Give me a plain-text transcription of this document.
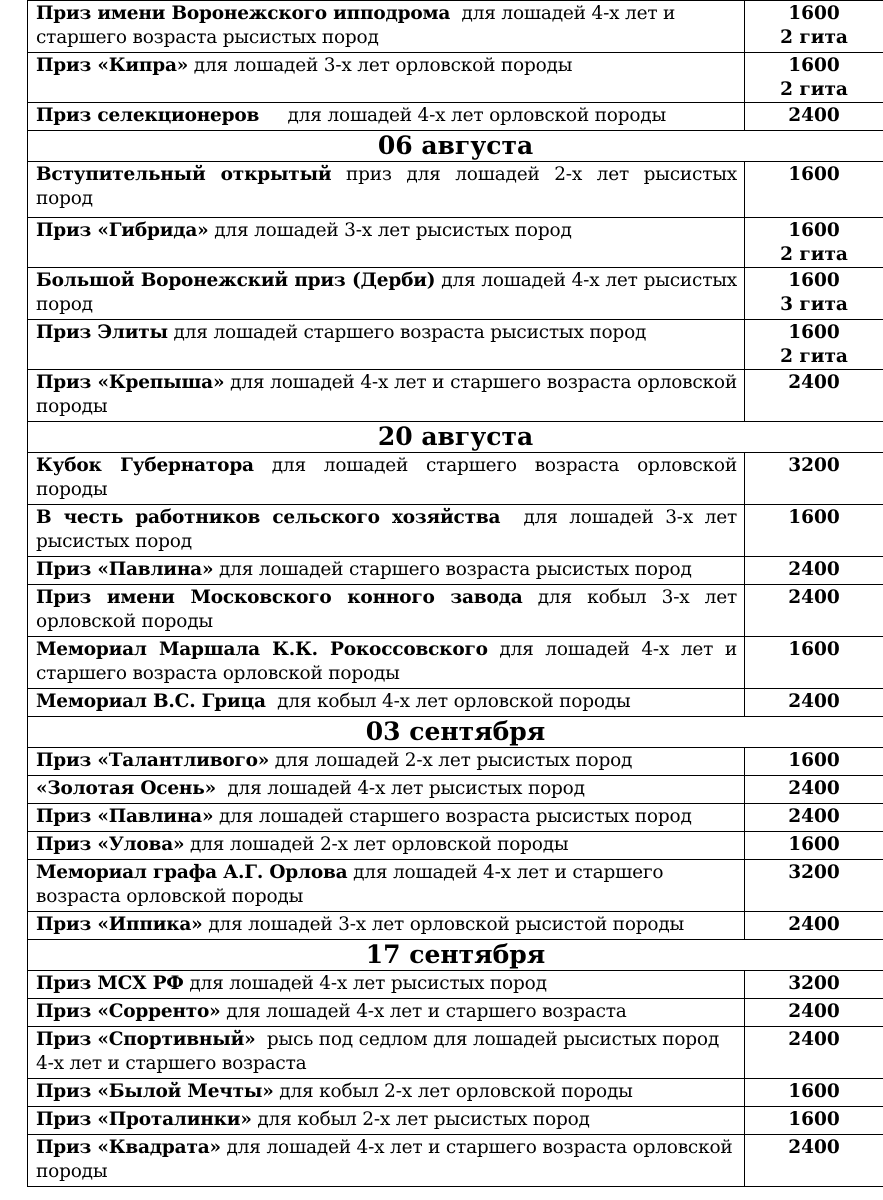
Приз имени Воронежского ипподрома  для лошадей 4-х лет и старшего возраста рысистых пород	1600
2 гита

Приз «Кипра» для лошадей 3-х лет орловской породы	1600
2 гита

Приз селекционеров     для лошадей 4-х лет орловской породы	2400

06 августа	
Вступительный открытый приз для лошадей 2-х лет рысистых пород	1600

Приз «Гибрида» для лошадей 3-х лет рысистых пород	1600
2 гита

Большой Воронежский приз (Дерби) для лошадей 4-х лет рысистых пород	1600
3 гита

Приз Элиты для лошадей старшего возраста рысистых пород	1600
2 гита

Приз «Крепыша» для лошадей 4-х лет и старшего возраста орловской породы	2400

20 августа	
Кубок Губернатора для лошадей старшего возраста орловской породы	3200

В честь работников сельского хозяйства  для лошадей 3-х лет рысистых пород	1600

Приз «Павлина» для лошадей старшего возраста рысистых пород	2400

Приз имени Московского конного завода для кобыл 3-х лет орловской породы	2400

Мемориал Маршала К.К. Рокоссовского для лошадей 4-х лет и старшего возраста орловской породы	1600

Мемориал В.С. Грица  для кобыл 4-х лет орловской породы	2400

03 сентября	
Приз «Талантливого» для лошадей 2-х лет рысистых пород	1600

«Золотая Осень»  для лошадей 4-х лет рысистых пород	2400

Приз «Павлина» для лошадей старшего возраста рысистых пород	2400

Приз «Улова» для лошадей 2-х лет орловской породы	1600

Мемориал графа А.Г. Орлова для лошадей 4-х лет и старшего возраста орловской породы	3200

Приз «Иппика» для лошадей 3-х лет орловской рысистой породы	2400

17 сентября	
Приз МСХ РФ для лошадей 4-х лет рысистых пород	3200

Приз «Сорренто» для лошадей 4-х лет и старшего возраста	2400

Приз «Спортивный»  рысь под седлом для лошадей рысистых пород 4-х лет и старшего возраста	2400

Приз «Былой Мечты» для кобыл 2-х лет орловской породы	1600

Приз «Проталинки» для кобыл 2-х лет рысистых пород	1600

Приз «Квадрата» для лошадей 4-х лет и старшего возраста орловской породы	2400
